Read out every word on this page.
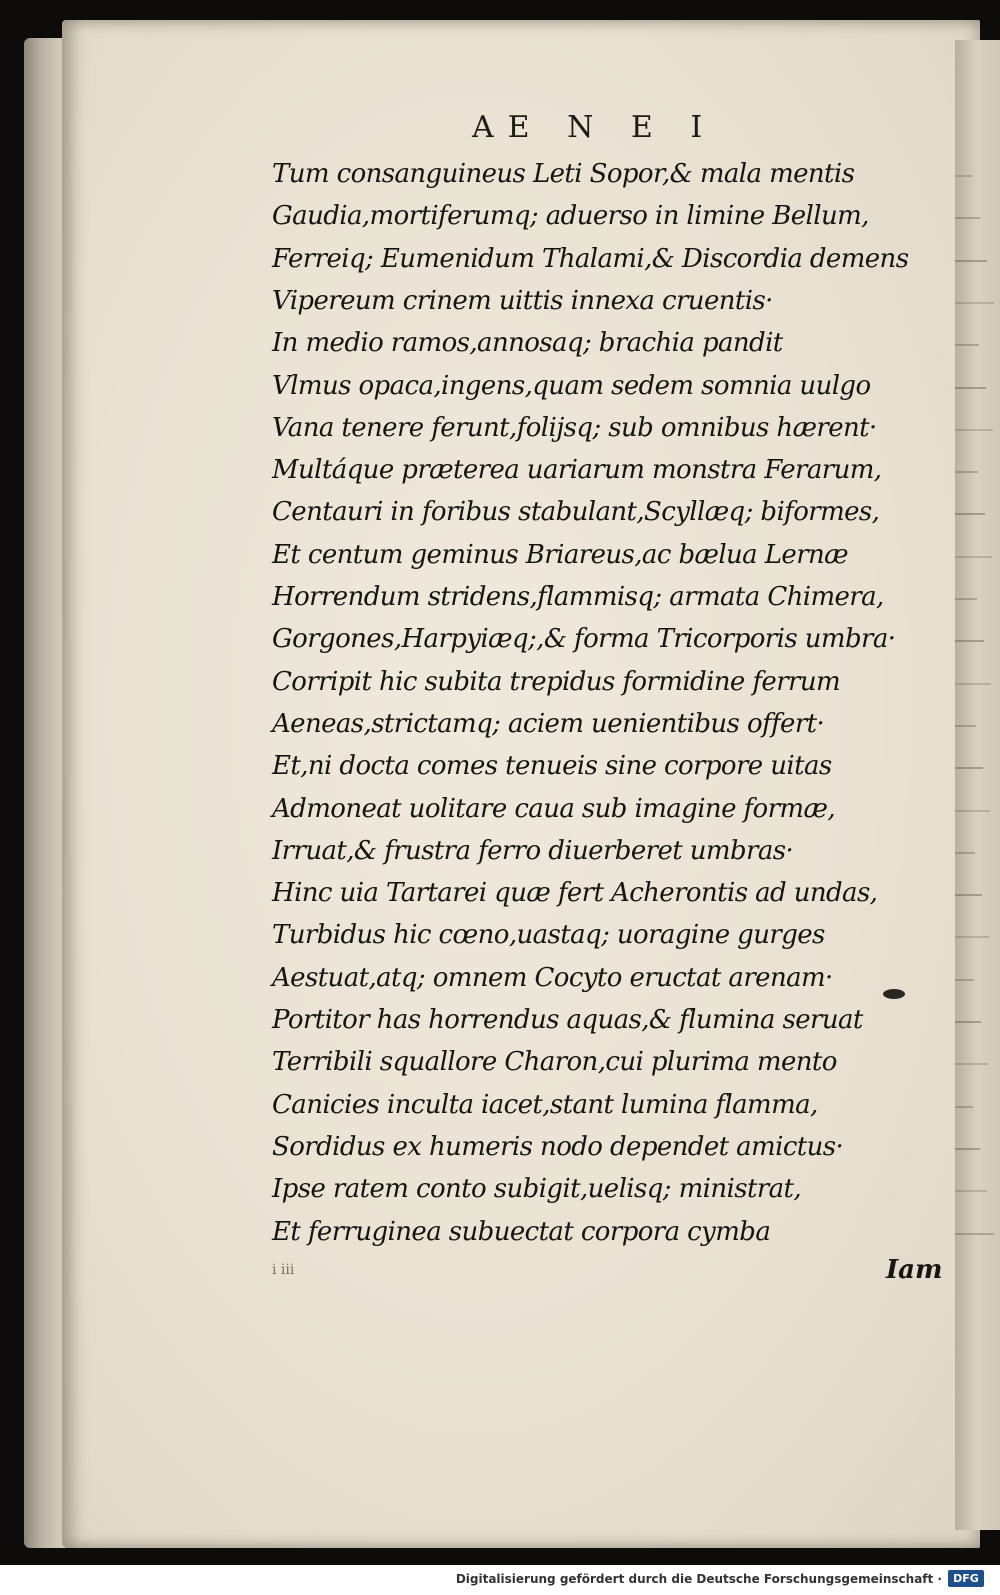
AE N E I
Tum consanguineus Leti Sopor,& mala mentis
Gaudia,mortiferumq; aduerso in limine Bellum,
Ferreiq; Eumenidum Thalami,& Discordia demens
Vipereum crinem uittis innexa cruentis·
In medio ramos,annosaq; brachia pandit
Vlmus opaca,ingens,quam sedem somnia uulgo
Vana tenere ferunt,folijsq; sub omnibus hærent·
Multáque præterea uariarum monstra Ferarum,
Centauri in foribus stabulant,Scyllæq; biformes,
Et centum geminus Briareus,ac bælua Lernæ
Horrendum stridens,flammisq; armata Chimera,
Gorgones,Harpyiæq;,& forma Tricorporis umbra·
Corripit hic subita trepidus formidine ferrum
Aeneas,strictamq; aciem uenientibus offert·
Et,ni docta comes tenueis sine corpore uitas
Admoneat uolitare caua sub imagine formæ,
Irruat,& frustra ferro diuerberet umbras·
Hinc uia Tartarei quæ fert Acherontis ad undas,
Turbidus hic cœno,uastaq; uoragine gurges
Aestuat,atq; omnem Cocyto eructat arenam·
Portitor has horrendus aquas,& flumina seruat
Terribili squallore Charon,cui plurima mento
Canicies inculta iacet,stant lumina flamma,
Sordidus ex humeris nodo dependet amictus·
Ipse ratem conto subigit,uelisq; ministrat,
Et ferruginea subuectat corpora cymba
i iii	Iam
Digitalisierung gefördert durch die Deutsche Forschungsgemeinschaft ·	DFG
